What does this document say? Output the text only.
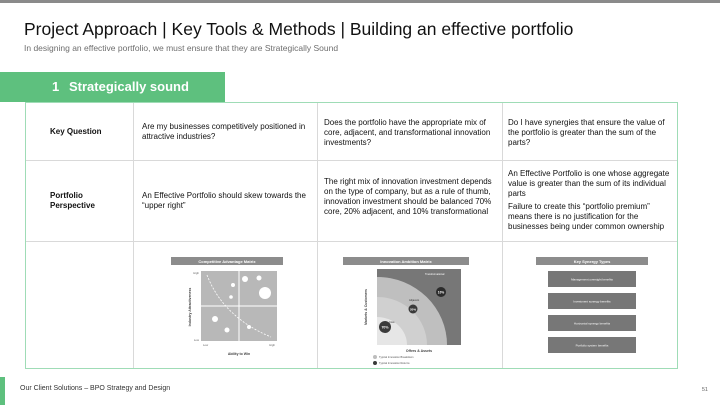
Project Approach | Key Tools & Methods | Building an effective portfolio
In designing an effective portfolio, we must ensure that they are Strategically Sound
1 Strategically sound
Key Question

Are my businesses competitively positioned in attractive industries?

Does the portfolio have the appropriate mix of core, adjacent, and transformational innovation investments?

Do I have synergies that ensure the value of the portfolio is greater than the sum of the parts?

Portfolio Perspective

An Effective Portfolio should skew towards the “upper right”

The right mix of innovation investment depends on the type of company, but as a rule of thumb, innovation investment should be balanced 70% core, 20% adjacent, and 10% transformational

An Effective Portfolio is one whose aggregate value is greater than the sum of its individual parts

Failure to create this “portfolio premium” means there is no justification for the businesses being under common ownership

Competitive Advantage Matrix
Industry Attractiveness
Ability to Win
High
Low
Low	High
Innovation Ambition Matrix
10%
20%
70%
Transformational
Adjacent
Core
Markets & Customers
Offers & Assets
Typical Innovation Breakdown
Typical Innovation Returns
Key Synergy Types
Management oversight benefits
Investment synergy benefits
Horizontal synergy benefits
Portfolio system benefits
Our Client Solutions – BPO Strategy and Design	51
